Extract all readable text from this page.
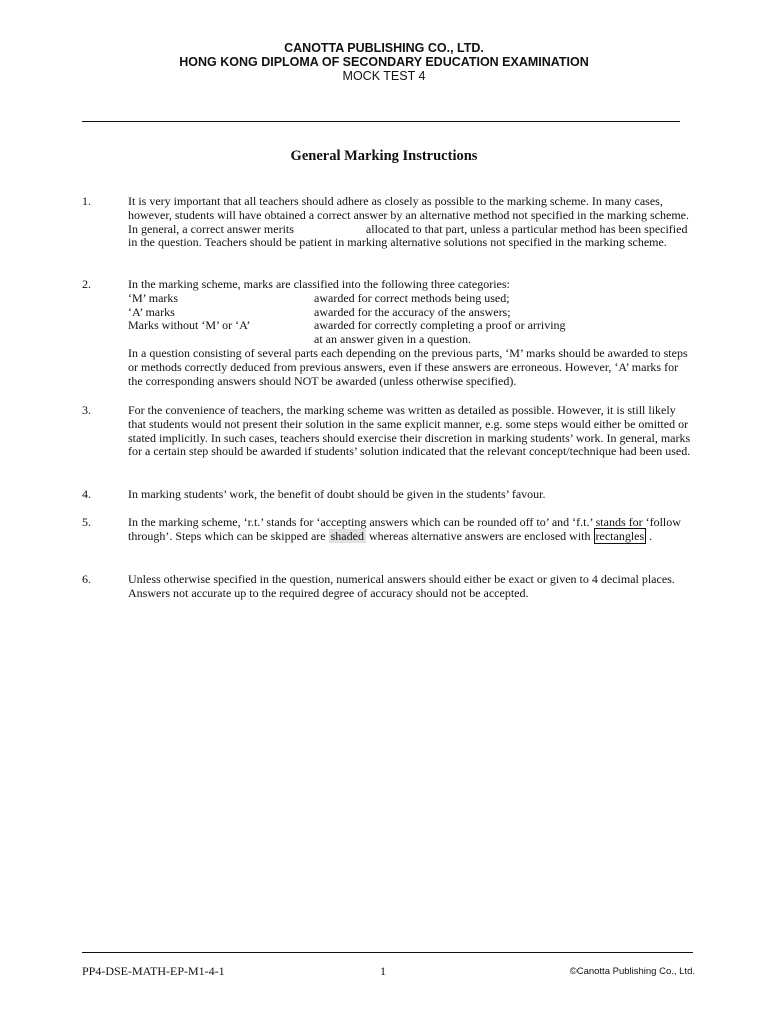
CANOTTA PUBLISHING CO., LTD.
HONG KONG DIPLOMA OF SECONDARY EDUCATION EXAMINATION
MOCK TEST 4
General Marking Instructions
1.	It is very important that all teachers should adhere as closely as possible to the marking scheme. In many cases, however, students will have obtained a correct answer by an alternative method not specified in the marking scheme. In general, a correct answer merits	allocated to that part, unless a particular method has been specified in the question. Teachers should be patient in marking alternative solutions not specified in the marking scheme.
2.	In the marking scheme, marks are classified into the following three categories:
‘M’ marks	awarded for correct methods being used;
‘A’ marks	awarded for the accuracy of the answers;
Marks without ‘M’ or ‘A’	awarded for correctly completing a proof or arriving
at an answer given in a question.
In a question consisting of several parts each depending on the previous parts, ‘M’ marks should be awarded to steps or methods correctly deduced from previous answers, even if these answers are erroneous. However, ‘A’ marks for the corresponding answers should NOT be awarded (unless otherwise specified).
3.	For the convenience of teachers, the marking scheme was written as detailed as possible. However, it is still likely that students would not present their solution in the same explicit manner, e.g. some steps would either be omitted or stated implicitly. In such cases, teachers should exercise their discretion in marking students’ work. In general, marks for a certain step should be awarded if students’ solution indicated that the relevant concept/technique had been used.
4.	In marking students’ work, the benefit of doubt should be given in the students’ favour.
5.	In the marking scheme, ‘r.t.’ stands for ‘accepting answers which can be rounded off to’ and ‘f.t.’ stands for ‘follow through’. Steps which can be skipped are shaded whereas alternative answers are enclosed with rectangles .
6.	Unless otherwise specified in the question, numerical answers should either be exact or given to 4 decimal places. Answers not accurate up to the required degree of accuracy should not be accepted.
PP4-DSE-MATH-EP-M1-4-1	1	©Canotta Publishing Co., Ltd.
